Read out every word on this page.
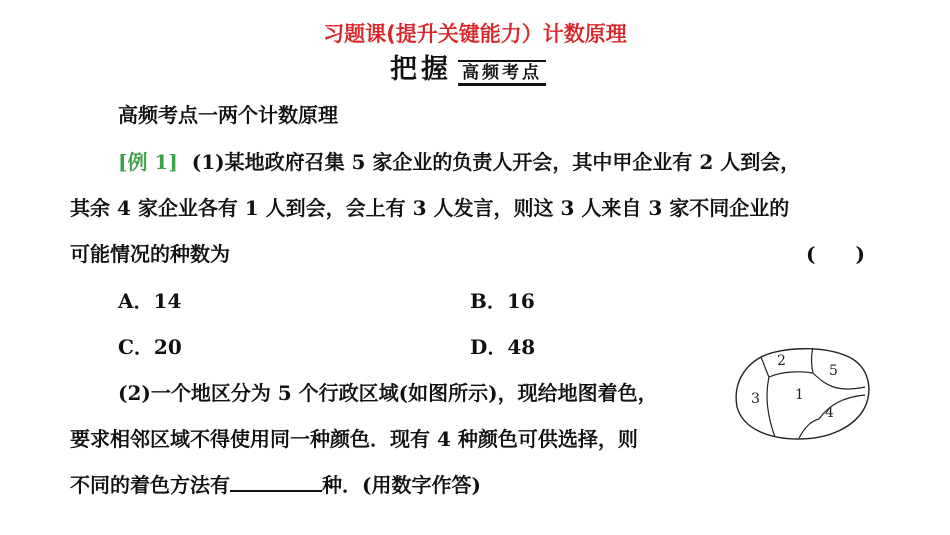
习题课(提升关键能力）计数原理
把握 高频考点
高频考点一两个计数原理
[例 1] (1)某地政府召集 5 家企业的负责人开会，其中甲企业有 2 人到会，
其余 4 家企业各有 1 人到会，会上有 3 人发言，则这 3 人来自 3 家不同企业的
可能情况的种数为	(　　)
A．14	B．16
C．20	D．48
(2)一个地区分为 5 个行政区域(如图所示)，现给地图着色，
要求相邻区域不得使用同一种颜色．现有 4 种颜色可供选择，则
不同的着色方法有	种．(用数字作答)
2
5
1
3
4
